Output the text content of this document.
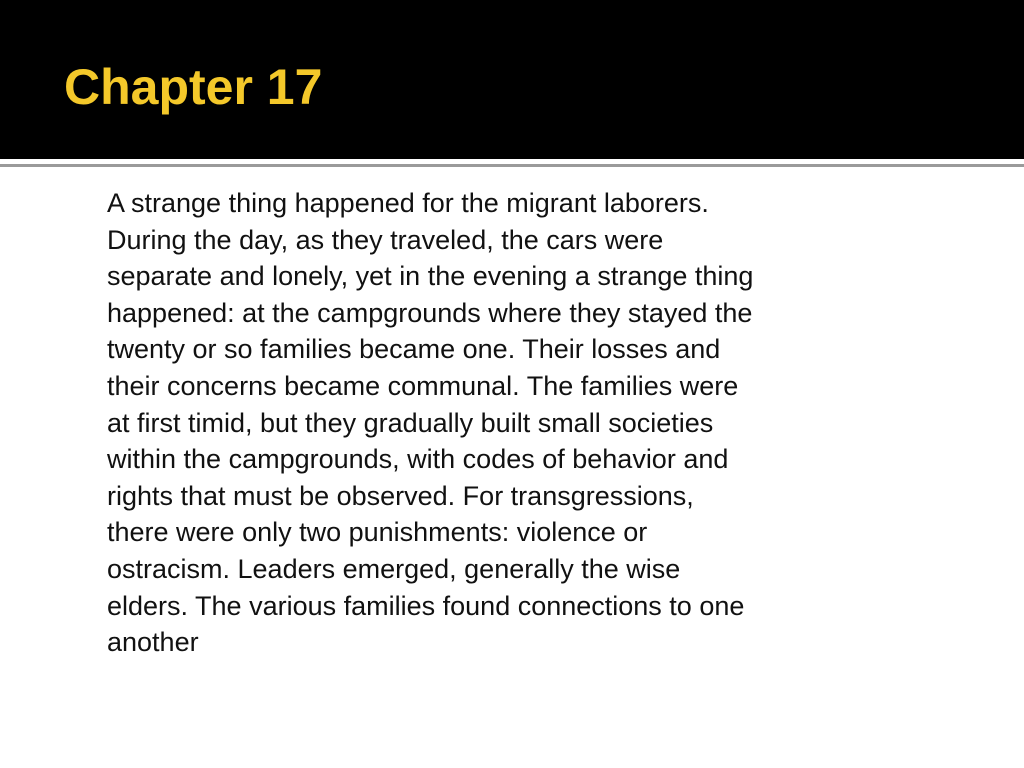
Chapter 17

A strange thing happened for the migrant laborers.
During the day, as they traveled, the cars were
separate and lonely, yet in the evening a strange thing
happened: at the campgrounds where they stayed the
twenty or so families became one. Their losses and
their concerns became communal. The families were
at first timid, but they gradually built small societies
within the campgrounds, with codes of behavior and
rights that must be observed. For transgressions,
there were only two punishments: violence or
ostracism. Leaders emerged, generally the wise
elders. The various families found connections to one
another
